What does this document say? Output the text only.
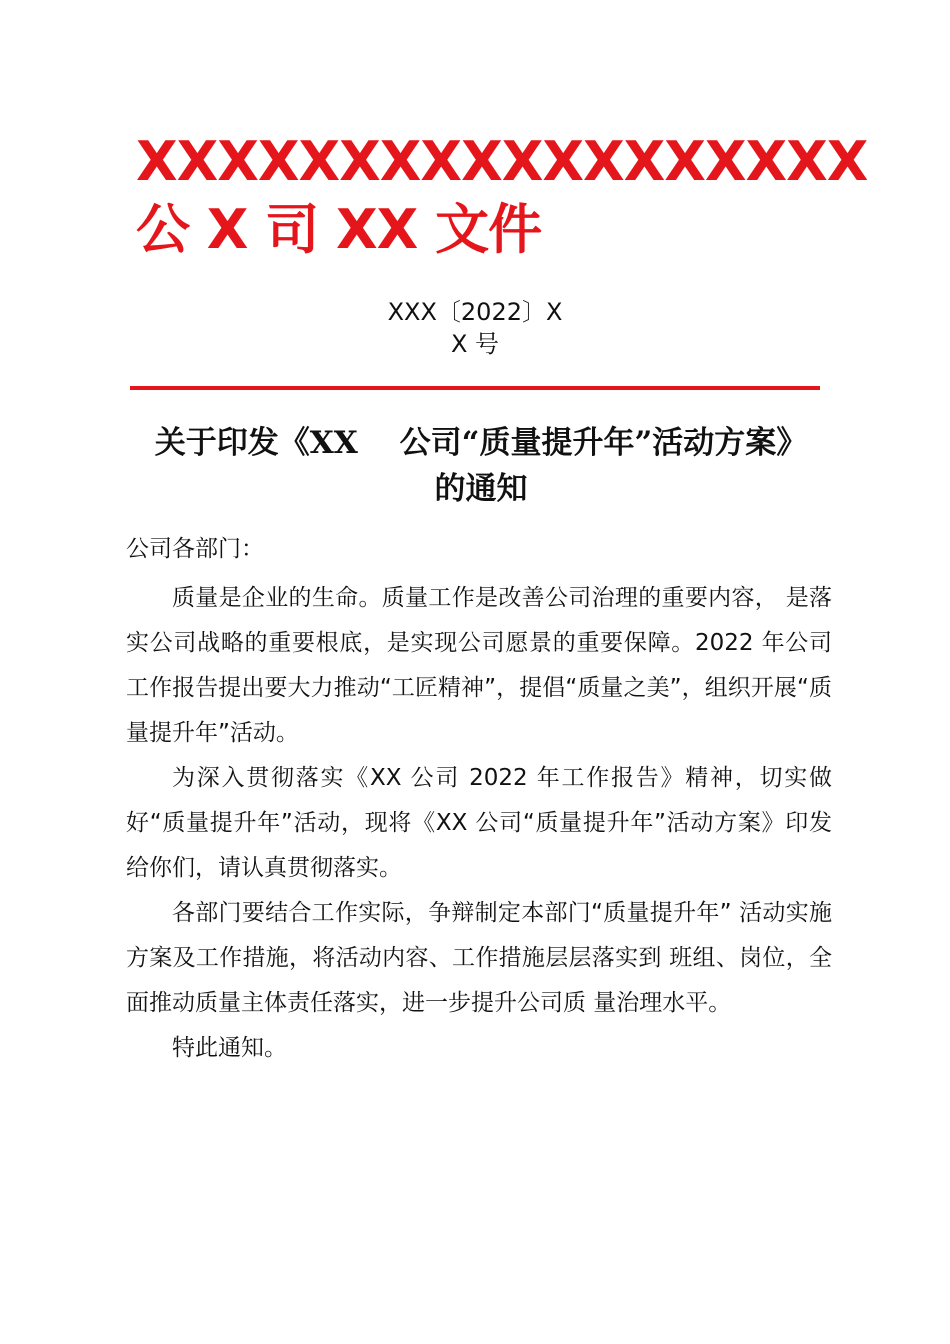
XXXXXXXXXXXXXXXXXX 公 X 司 XX 文件
XXX〔2022〕X
X 号
关于印发《XX　 公司“质量提升年”活动方案》
的通知
公司各部门：

质量是企业的生命。质量工作是改善公司治理的重要内容， 是落实公司战略的重要根底，是实现公司愿景的重要保障。2022 年公司工作报告提出要大力推动“工匠精神”，提倡“质量之美”，组织开展“质量提升年”活动。

为深入贯彻落实《XX 公司 2022 年工作报告》精神，切实做好“质量提升年”活动，现将《XX 公司“质量提升年”活动方案》印发给你们，请认真贯彻落实。

各部门要结合工作实际，争辩制定本部门“质量提升年” 活动实施方案及工作措施，将活动内容、工作措施层层落实到 班组、岗位，全面推动质量主体责任落实，进一步提升公司质 量治理水平。

特此通知。
